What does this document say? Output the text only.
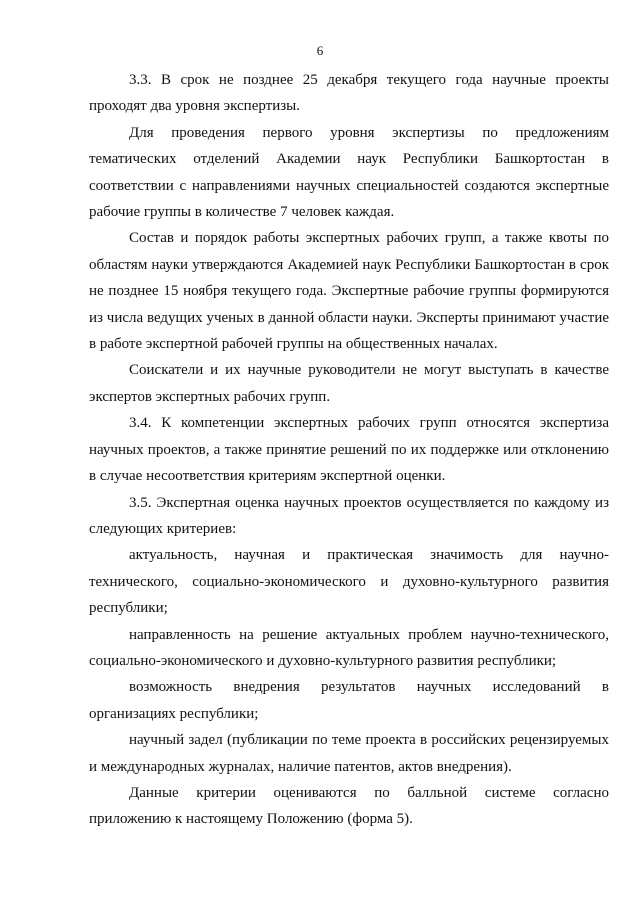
6

3.3. В срок не позднее 25 декабря текущего года научные проекты проходят два уровня экспертизы.

Для проведения первого уровня экспертизы по предложениям тематических отделений Академии наук Республики Башкортостан в соответствии с направлениями научных специальностей создаются экспертные рабочие группы в количестве 7 человек каждая.

Состав и порядок работы экспертных рабочих групп, а также квоты по областям науки утверждаются Академией наук Республики Башкортостан в срок не позднее 15 ноября текущего года. Экспертные рабочие группы формируются из числа ведущих ученых в данной области науки. Эксперты принимают участие в работе экспертной рабочей группы на общественных началах.

Соискатели и их научные руководители не могут выступать в качестве экспертов экспертных рабочих групп.

3.4. К компетенции экспертных рабочих групп относятся экспертиза научных проектов, а также принятие решений по их поддержке или отклонению в случае несоответствия критериям экспертной оценки.

3.5. Экспертная оценка научных проектов осуществляется по каждому из следующих критериев:

актуальность, научная и практическая значимость для научно-технического, социально-экономического и духовно-культурного развития республики;

направленность на решение актуальных проблем научно-технического, социально-экономического и духовно-культурного развития республики;

возможность внедрения результатов научных исследований в организациях республики;

научный задел (публикации по теме проекта в российских рецензируемых и международных журналах, наличие патентов, актов внедрения).

Данные критерии оцениваются по балльной системе согласно приложению к настоящему Положению (форма 5).
